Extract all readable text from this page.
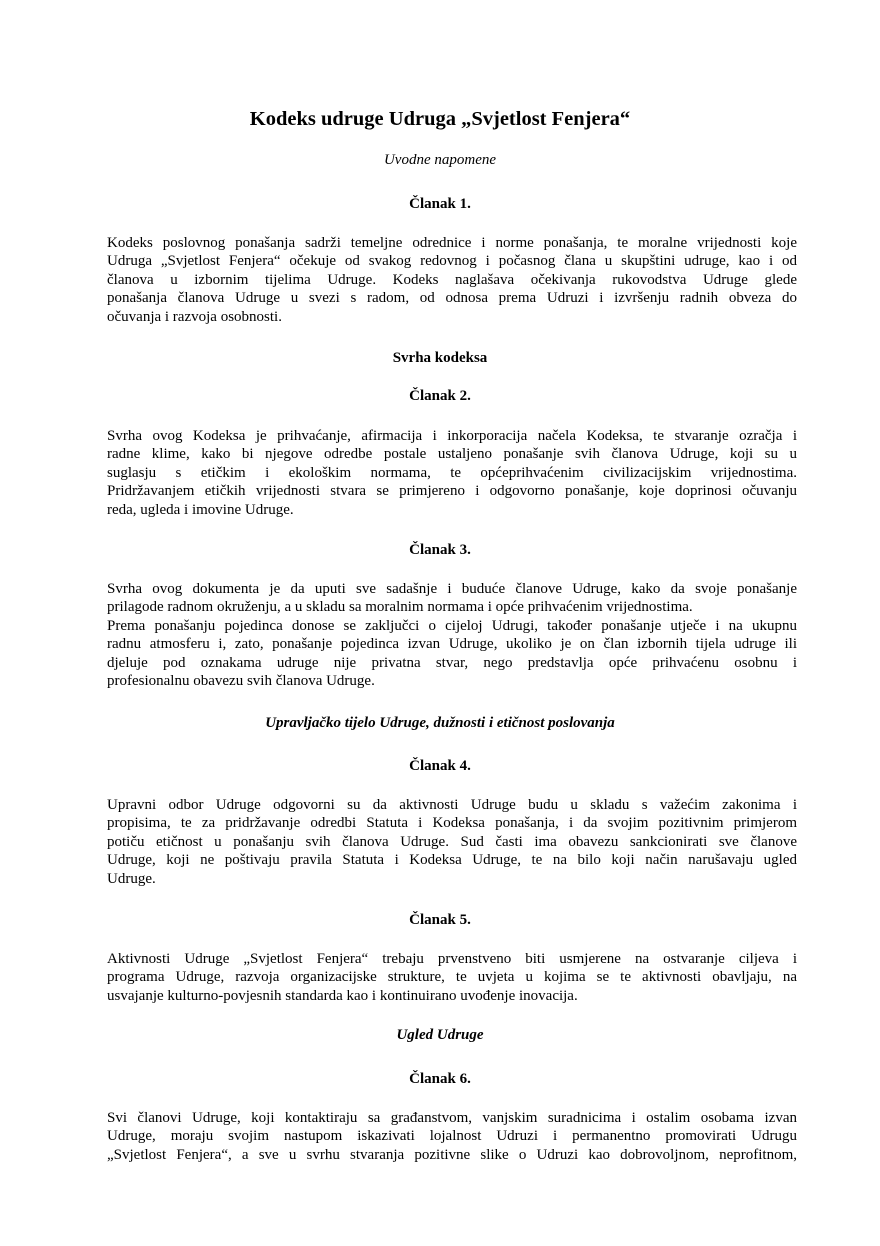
Kodeks udruge Udruga „Svjetlost Fenjera“
Uvodne napomene
Članak 1.
Kodeks poslovnog ponašanja sadrži temeljne odrednice i norme ponašanja, te moralne vrijednosti koje
Udruga „Svjetlost Fenjera“ očekuje od svakog redovnog i počasnog člana u skupštini udruge, kao i od
članova u izbornim tijelima Udruge. Kodeks naglašava očekivanja rukovodstva Udruge glede
ponašanja članova Udruge u svezi s radom, od odnosa prema Udruzi i izvršenju radnih obveza do
očuvanja i razvoja osobnosti.
Svrha kodeksa
Članak 2.
Svrha ovog Kodeksa je prihvaćanje, afirmacija i inkorporacija načela Kodeksa, te stvaranje ozračja i
radne klime, kako bi njegove odredbe postale ustaljeno ponašanje svih članova Udruge, koji su u
suglasju s etičkim i ekološkim normama, te općeprihvaćenim civilizacijskim vrijednostima.
Pridržavanjem etičkih vrijednosti stvara se primjereno i odgovorno ponašanje, koje doprinosi očuvanju
reda, ugleda i imovine Udruge.
Članak 3.
Svrha ovog dokumenta je da uputi sve sadašnje i buduće članove Udruge, kako da svoje ponašanje
prilagode radnom okruženju, a u skladu sa moralnim normama i opće prihvaćenim vrijednostima.
Prema ponašanju pojedinca donose se zaključci o cijeloj Udrugi, također ponašanje utječe i na ukupnu
radnu atmosferu i, zato, ponašanje pojedinca izvan Udruge, ukoliko je on član izbornih tijela udruge ili
djeluje pod oznakama udruge nije privatna stvar, nego predstavlja opće prihvaćenu osobnu i
profesionalnu obavezu svih članova Udruge.
Upravljačko tijelo Udruge, dužnosti i etičnost poslovanja
Članak 4.
Upravni odbor Udruge odgovorni su da aktivnosti Udruge budu u skladu s važećim zakonima i
propisima, te za pridržavanje odredbi Statuta i Kodeksa ponašanja, i da svojim pozitivnim primjerom
potiču etičnost u ponašanju svih članova Udruge. Sud časti ima obavezu sankcionirati sve članove
Udruge, koji ne poštivaju pravila Statuta i Kodeksa Udruge, te na bilo koji način narušavaju ugled
Udruge.
Članak 5.
Aktivnosti Udruge „Svjetlost Fenjera“ trebaju prvenstveno biti usmjerene na ostvaranje ciljeva i
programa Udruge, razvoja organizacijske strukture, te uvjeta u kojima se te aktivnosti obavljaju, na
usvajanje kulturno-povjesnih standarda kao i kontinuirano uvođenje inovacija.
Ugled Udruge
Članak 6.
Svi članovi Udruge, koji kontaktiraju sa građanstvom, vanjskim suradnicima i ostalim osobama izvan
Udruge, moraju svojim nastupom iskazivati lojalnost Udruzi i permanentno promovirati Udrugu
„Svjetlost Fenjera“, a sve u svrhu stvaranja pozitivne slike o Udruzi kao dobrovoljnom, neprofitnom,
